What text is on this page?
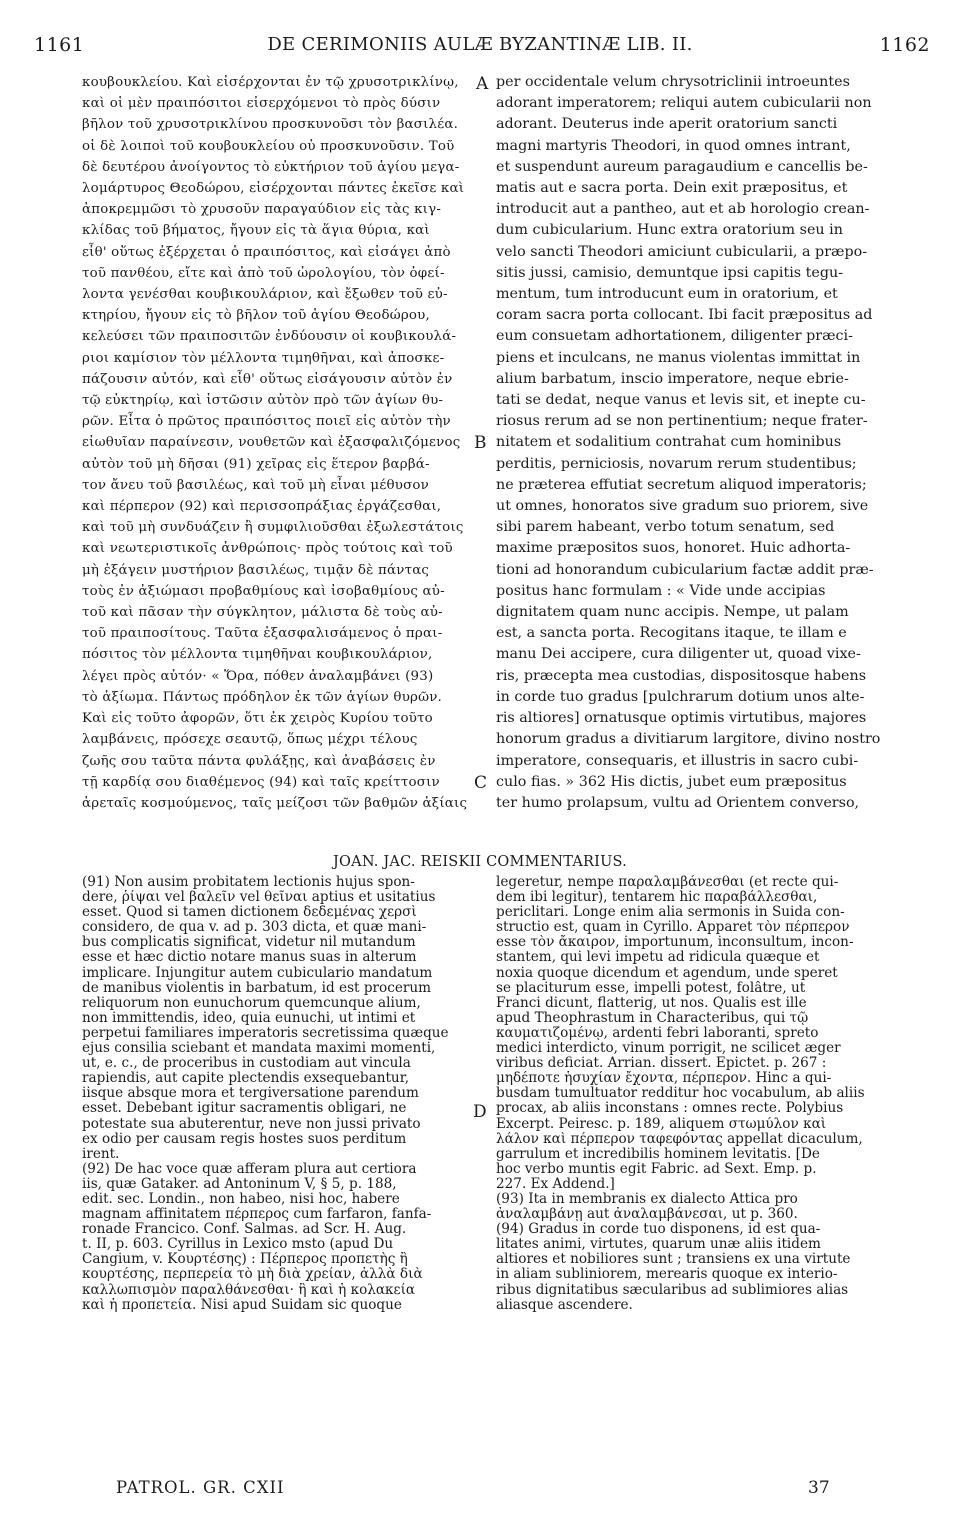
1161	DE CERIMONIIS AULÆ BYZANTINÆ LIB. II.	1162
κουβουκλείου. Καὶ εἰσέρχονται ἐν τῷ χρυσοτρικλίνῳ,
καὶ οἱ μὲν πραιπόσιτοι εἰσερχόμενοι τὸ πρὸς δύσιν
βῆλον τοῦ χρυσοτρικλίνου προσκυνοῦσι τὸν βασιλέα.
οἱ δὲ λοιποὶ τοῦ κουβουκλείου οὐ προσκυνοῦσιν. Τοῦ
δὲ δευτέρου ἀνοίγοντος τὸ εὐκτήριον τοῦ ἁγίου μεγα-
λομάρτυρος Θεοδώρου, εἰσέρχονται πάντες ἐκεῖσε καὶ
ἀποκρεμμῶσι τὸ χρυσοῦν παραγαύδιον εἰς τὰς κιγ-
κλίδας τοῦ βήματος, ἤγουν εἰς τὰ ἅγια θύρια, καὶ
εἶθ' οὕτως ἐξέρχεται ὁ πραιπόσιτος, καὶ εἰσάγει ἀπὸ
τοῦ πανθέου, εἴτε καὶ ἀπὸ τοῦ ὡρολογίου, τὸν ὀφεί-
λοντα γενέσθαι κουβικουλάριον, καὶ ἔξωθεν τοῦ εὐ-
κτηρίου, ἤγουν εἰς τὸ βῆλον τοῦ ἁγίου Θεοδώρου,
κελεύσει τῶν πραιποσιτῶν ἐνδύουσιν οἱ κουβικουλά-
ριοι καμίσιον τὸν μέλλοντα τιμηθῆναι, καὶ ἀποσκε-
πάζουσιν αὐτόν, καὶ εἶθ' οὕτως εἰσάγουσιν αὐτὸν ἐν
τῷ εὐκτηρίῳ, καὶ ἱστῶσιν αὐτὸν πρὸ τῶν ἁγίων θυ-
ρῶν. Εἶτα ὁ πρῶτος πραιπόσιτος ποιεῖ εἰς αὐτὸν τὴν
εἰωθυῖαν παραίνεσιν, νουθετῶν καὶ ἐξασφαλιζόμενος
αὐτὸν τοῦ μὴ δῆσαι (91) χεῖρας εἰς ἕτερον βαρβά-
τον ἄνευ τοῦ βασιλέως, καὶ τοῦ μὴ εἶναι μέθυσον
καὶ πέρπερον (92) καὶ περισσοπράξιας ἐργάζεσθαι,
καὶ τοῦ μὴ συνδυάζειν ἢ συμφιλιοῦσθαι ἐξωλεστάτοις
καὶ νεωτεριστικοῖς ἀνθρώποις· πρὸς τούτοις καὶ τοῦ
μὴ ἐξάγειν μυστήριον βασιλέως, τιμᾷν δὲ πάντας
τοὺς ἐν ἀξιώμασι προβαθμίους καὶ ἰσοβαθμίους αὐ-
τοῦ καὶ πᾶσαν τὴν σύγκλητον, μάλιστα δὲ τοὺς αὐ-
τοῦ πραιποσίτους. Ταῦτα ἐξασφαλισάμενος ὁ πραι-
πόσιτος τὸν μέλλοντα τιμηθῆναι κουβικουλάριον,
λέγει πρὸς αὐτόν· « Ὅρα, πόθεν ἀναλαμβάνει (93)
τὸ ἀξίωμα. Πάντως πρόδηλον ἐκ τῶν ἁγίων θυρῶν.
Καὶ εἰς τοῦτο ἀφορῶν, ὅτι ἐκ χειρὸς Κυρίου τοῦτο
λαμβάνεις, πρόσεχε σεαυτῷ, ὅπως μέχρι τέλους
ζωῆς σου ταῦτα πάντα φυλάξῃς, καὶ ἀναβάσεις ἐν
τῇ καρδίᾳ σου διαθέμενος (94) καὶ ταῖς κρείττοσιν
ἀρεταῖς κοσμούμενος, ταῖς μείζοσι τῶν βαθμῶν ἀξίαις
per occidentale velum chrysotriclinii introeuntes
adorant imperatorem; reliqui autem cubicularii non
adorant. Deuterus inde aperit oratorium sancti
magni martyris Theodori, in quod omnes intrant,
et suspendunt aureum paragaudium e cancellis be-
matis aut e sacra porta. Dein exit præpositus, et
introducit aut a pantheo, aut et ab horologio crean-
dum cubicularium. Hunc extra oratorium seu in
velo sancti Theodori amiciunt cubicularii, a præpo-
sitis jussi, camisio, demuntque ipsi capitis tegu-
mentum, tum introducunt eum in oratorium, et
coram sacra porta collocant. Ibi facit præpositus ad
eum consuetam adhortationem, diligenter præci-
piens et inculcans, ne manus violentas immittat in
alium barbatum, inscio imperatore, neque ebrie-
tati se dedat, neque vanus et levis sit, et inepte cu-
riosus rerum ad se non pertinentium; neque frater-
nitatem et sodalitium contrahat cum hominibus
perditis, perniciosis, novarum rerum studentibus;
ne præterea effutiat secretum aliquod imperatoris;
ut omnes, honoratos sive gradum suo priorem, sive
sibi parem habeant, verbo totum senatum, sed
maxime præpositos suos, honoret. Huic adhorta-
tioni ad honorandum cubicularium factæ addit præ-
positus hanc formulam : « Vide unde accipias
dignitatem quam nunc accipis. Nempe, ut palam
est, a sancta porta. Recogitans itaque, te illam e
manu Dei accipere, cura diligenter ut, quoad vixe-
ris, præcepta mea custodias, dispositosque habens
in corde tuo gradus [pulchrarum dotium unos alte-
ris altiores] ornatusque optimis virtutibus, majores
honorum gradus a divitiarum largitore, divino nostro
imperatore, consequaris, et illustris in sacro cubi-
culo fias. » 362 His dictis, jubet eum præpositus
ter humo prolapsum, vultu ad Orientem converso,
A
B
C
D
JOAN. JAC. REISKII COMMENTARIUS.
(91) Non ausim probitatem lectionis hujus spon-
dere, ῥίψαι vel βαλεῖν vel θεῖναι aptius et usitatius
esset. Quod si tamen dictionem δεδεμένας χερσὶ
considero, de qua v. ad p. 303 dicta, et quæ mani-
bus complicatis significat, videtur nil mutandum
esse et hæc dictio notare manus suas in alterum
implicare. Injungitur autem cubiculario mandatum
de manibus violentis in barbatum, id est procerum
reliquorum non eunuchorum quemcunque alium,
non immittendis, ideo, quia eunuchi, ut intimi et
perpetui familiares imperatoris secretissima quæque
ejus consilia sciebant et mandata maximi momenti,
ut, e. c., de proceribus in custodiam aut vincula
rapiendis, aut capite plectendis exsequebantur,
iisque absque mora et tergiversatione parendum
esset. Debebant igitur sacramentis obligari, ne
potestate sua abuterentur, neve non jussi privato
ex odio per causam regis hostes suos perditum
irent.
(92) De hac voce quæ afferam plura aut certiora
iis, quæ Gataker. ad Antoninum V, § 5, p. 188,
edit. sec. Londin., non habeo, nisi hoc, habere
magnam affinitatem πέρπερος cum farfaron, fanfa-
ronade Francico. Conf. Salmas. ad Scr. H. Aug.
t. II, p. 603. Cyrillus in Lexico msto (apud Du
Cangium, v. Κουρτέσης) : Πέρπερος προπετὴς ἢ
κουρτέσης, περπερεία τὸ μὴ διὰ χρείαν, ἀλλὰ διὰ
καλλωπισμὸν παραλθάνεσθαι· ἢ καὶ ἡ κολακεία
καὶ ἡ προπετεία. Nisi apud Suidam sic quoque
legeretur, nempe παραλαμβάνεσθαι (et recte qui-
dem ibi legitur), tentarem hic παραβάλλεσθαι,
periclitari. Longe enim alia sermonis in Suida con-
structio est, quam in Cyrillo. Apparet τὸν πέρπερον
esse τὸν ἄκαιρον, importunum, inconsultum, incon-
stantem, qui levi impetu ad ridicula quæque et
noxia quoque dicendum et agendum, unde speret
se placiturum esse, impelli potest, folâtre, ut
Franci dicunt, flatterig, ut nos. Qualis est ille
apud Theophrastum in Characteribus, qui τῷ
καυματιζομένῳ, ardenti febri laboranti, spreto
medici interdicto, vinum porrigit, ne scilicet æger
viribus deficiat. Arrian. dissert. Epictet. p. 267 :
μηδέποτε ἡσυχίαν ἔχοντα, πέρπερον. Hinc a qui-
busdam tumultuator redditur hoc vocabulum, ab aliis
procax, ab aliis inconstans : omnes recte. Polybius
Excerpt. Peiresc. p. 189, aliquem στωμύλον καὶ
λάλον καὶ πέρπερον ταφεφόντας appellat dicaculum,
garrulum et incredibilis hominem levitatis. [De
hoc verbo muntis egit Fabric. ad Sext. Emp. p.
227. Ex Addend.]
(93) Ita in membranis ex dialecto Attica pro
ἀναλαμβάνῃ aut ἀναλαμβάνεσαι, ut p. 360.
(94) Gradus in corde tuo disponens, id est qua-
litates animi, virtutes, quarum unæ aliis itidem
altiores et nobiliores sunt ; transiens ex una virtute
in aliam subliniorem, merearis quoque ex interio-
ribus dignitatibus sæcularibus ad sublimiores alias
aliasque ascendere.
PATROL. GR. CXII	37
